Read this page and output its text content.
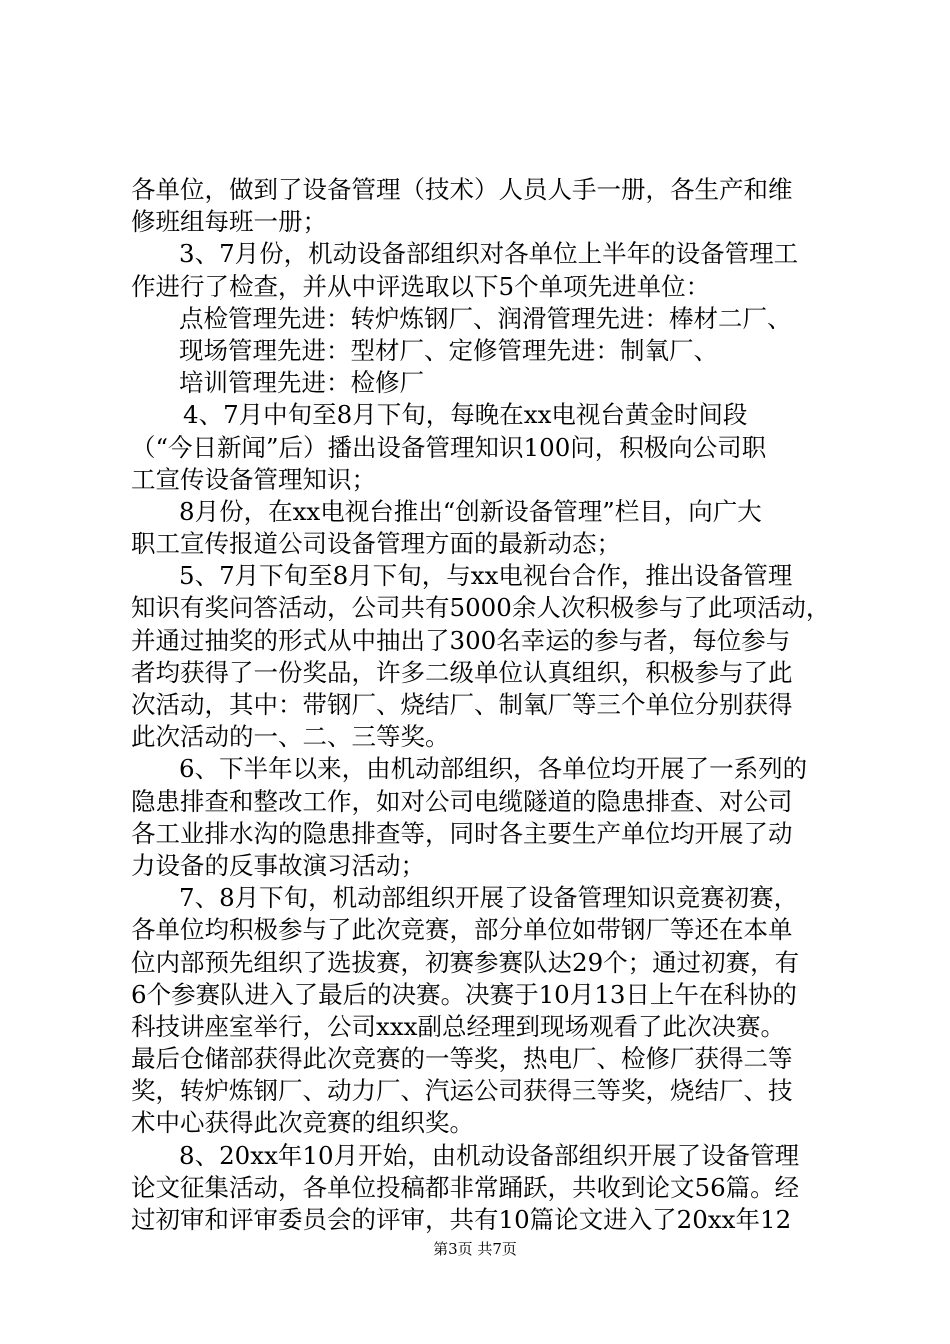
各单位，做到了设备管理（技术）人员人手一册，各生产和维
修班组每班一册；
3、7月份，机动设备部组织对各单位上半年的设备管理工
作进行了检查，并从中评选取以下5个单项先进单位：
点检管理先进：转炉炼钢厂、润滑管理先进：棒材二厂、
现场管理先进：型材厂、定修管理先进：制氧厂、
培训管理先进：检修厂
4、7月中旬至8月下旬，每晚在xx电视台黄金时间段
（“今日新闻”后）播出设备管理知识100问，积极向公司职
工宣传设备管理知识；
8月份，在xx电视台推出“创新设备管理”栏目，向广大
职工宣传报道公司设备管理方面的最新动态；
5、7月下旬至8月下旬，与xx电视台合作，推出设备管理
知识有奖问答活动，公司共有5000余人次积极参与了此项活动，
并通过抽奖的形式从中抽出了300名幸运的参与者，每位参与
者均获得了一份奖品，许多二级单位认真组织，积极参与了此
次活动，其中：带钢厂、烧结厂、制氧厂等三个单位分别获得
此次活动的一、二、三等奖。
6、下半年以来，由机动部组织，各单位均开展了一系列的
隐患排查和整改工作，如对公司电缆隧道的隐患排查、对公司
各工业排水沟的隐患排查等，同时各主要生产单位均开展了动
力设备的反事故演习活动；
7、8月下旬，机动部组织开展了设备管理知识竞赛初赛，
各单位均积极参与了此次竞赛，部分单位如带钢厂等还在本单
位内部预先组织了选拔赛，初赛参赛队达29个；通过初赛，有
6个参赛队进入了最后的决赛。决赛于10月13日上午在科协的
科技讲座室举行，公司xxx副总经理到现场观看了此次决赛。
最后仓储部获得此次竞赛的一等奖，热电厂、检修厂获得二等
奖，转炉炼钢厂、动力厂、汽运公司获得三等奖，烧结厂、技
术中心获得此次竞赛的组织奖。
8、20xx年10月开始，由机动设备部组织开展了设备管理
论文征集活动，各单位投稿都非常踊跃，共收到论文56篇。经
过初审和评审委员会的评审，共有10篇论文进入了20xx年12
第3页 共7页
